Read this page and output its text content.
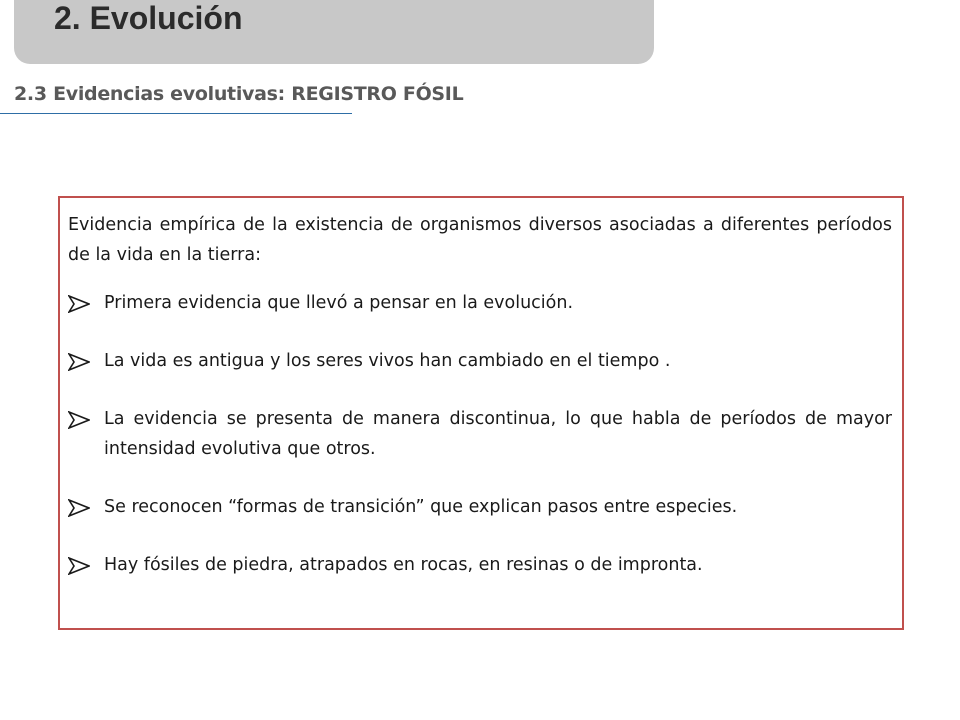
2. Evolución
2.3 Evidencias evolutivas: REGISTRO FÓSIL

Evidencia empírica de la existencia de organismos diversos asociadas a diferentes períodos de la vida en la tierra:

Primera evidencia que llevó a pensar en la evolución.
La vida es antigua y los seres vivos han cambiado en el tiempo .
La evidencia se presenta de manera discontinua, lo que habla de períodos de mayor intensidad evolutiva que otros.
Se reconocen “formas de transición” que explican pasos entre especies.
Hay fósiles de piedra, atrapados en rocas, en resinas o de impronta.
